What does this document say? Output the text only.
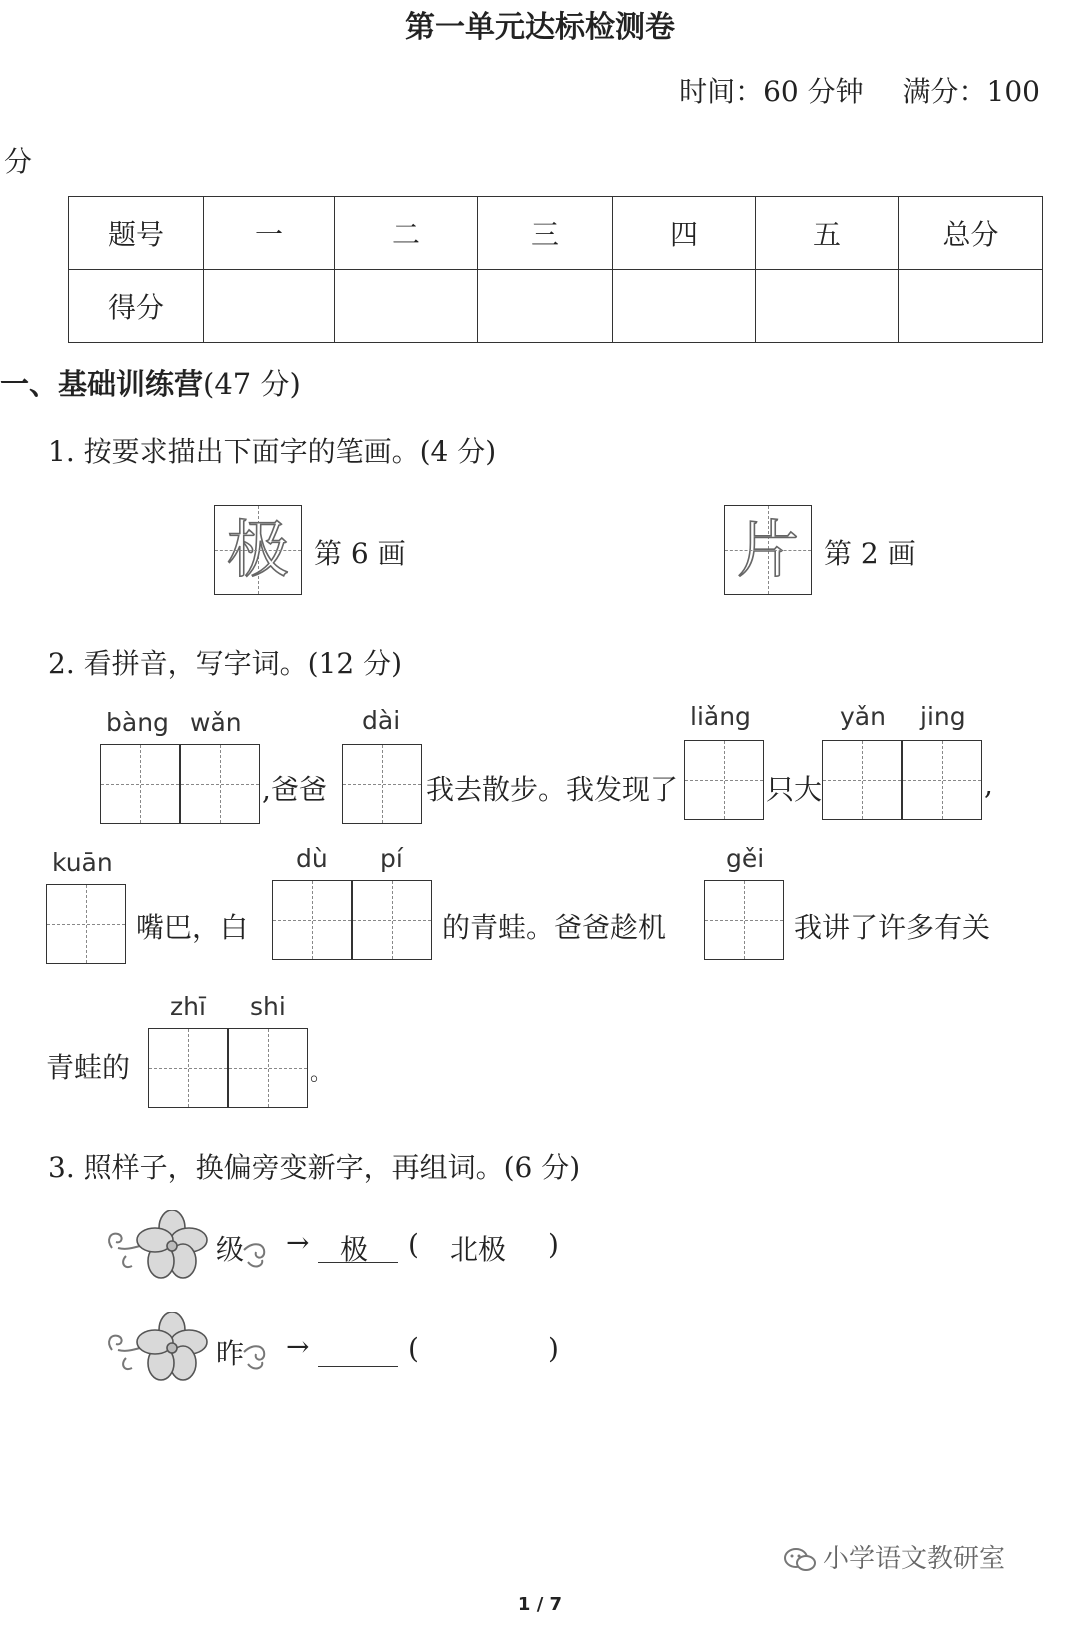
第一单元达标检测卷
时间：60 分钟 满分：100
分
题号	一	二	三	四	五	总分
得分						
一、基础训练营(47 分)
1. 按要求描出下面字的笔画。(4 分)
极 第 6 画	片 第 2 画
2. 看拼音，写字词。(12 分)
bàng wǎn
,爸爸
dài
我去散步。我发现了
liǎng
只大
yǎn jing
,
kuān
嘴巴，白
dù pí
的青蛙。爸爸趁机
gěi
我讲了许多有关
zhī shi
青蛙的	。
3. 照样子，换偏旁变新字，再组词。(6 分)
级 → 极 ( 北极 )
昨 →	(	)
小学语文教研室
1 / 7
